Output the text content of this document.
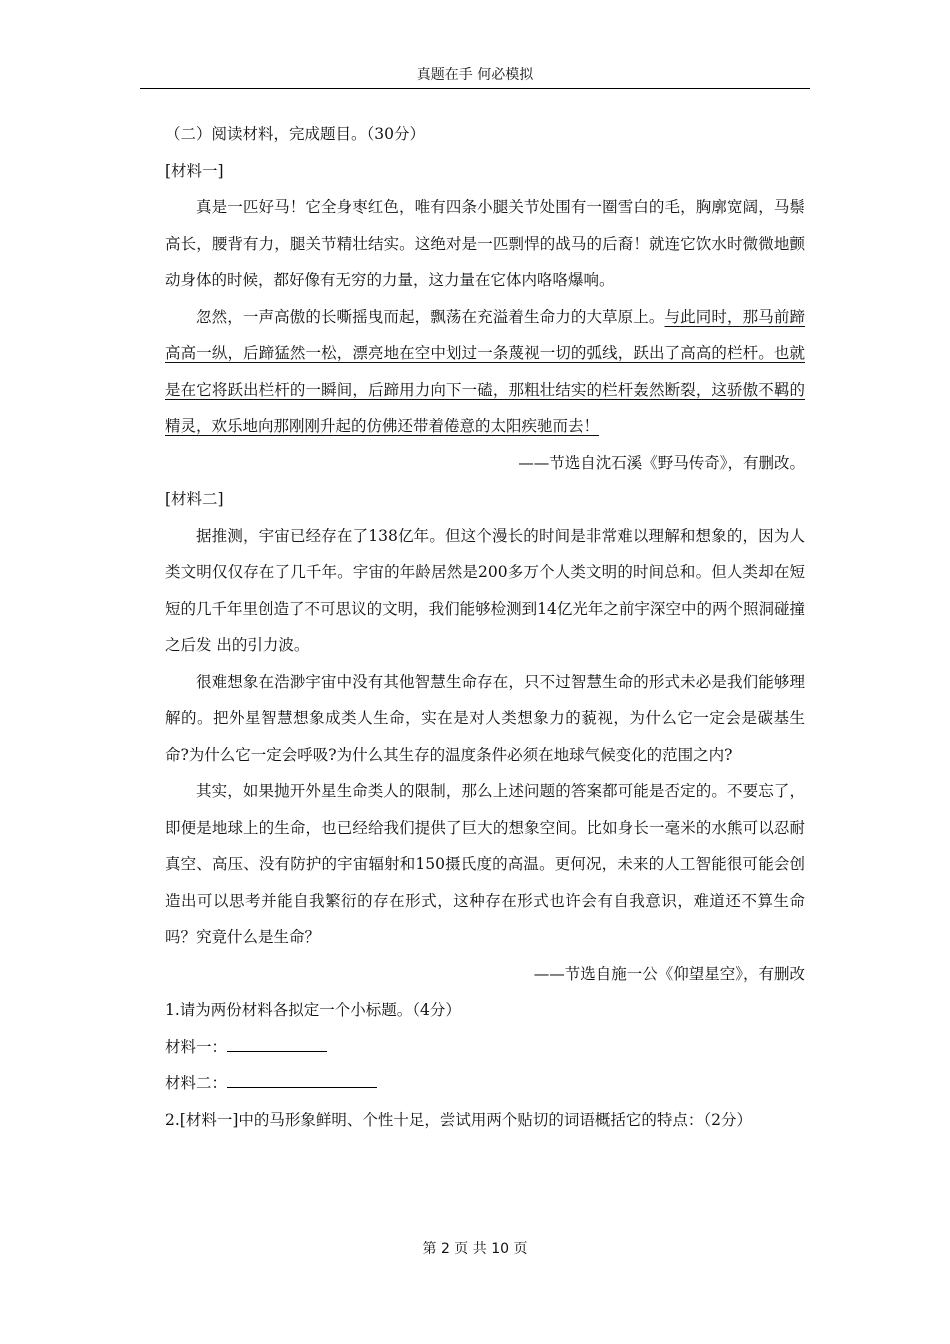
真题在手 何必模拟

（二）阅读材料，完成题目。（30分）

[材料一]

真是一匹好马！它全身枣红色，唯有四条小腿关节处围有一圈雪白的毛，胸廓宽阔，马鬃高长，腰背有力，腿关节精壮结实。这绝对是一匹剽悍的战马的后裔！就连它饮水时微微地颤动身体的时候，都好像有无穷的力量，这力量在它体内咯咯爆响。

忽然，一声高傲的长嘶摇曳而起，飘荡在充溢着生命力的大草原上。与此同时，那马前蹄高高一纵，后蹄猛然一松，漂亮地在空中划过一条蔑视一切的弧线，跃出了高高的栏杆。也就是在它将跃出栏杆的一瞬间，后蹄用力向下一磕，那粗壮结实的栏杆轰然断裂，这骄傲不羁的精灵，欢乐地向那刚刚升起的仿佛还带着倦意的太阳疾驰而去！

——节选自沈石溪《野马传奇》，有删改。

[材料二]

据推测，宇宙已经存在了138亿年。但这个漫长的时间是非常难以理解和想象的，因为人类文明仅仅存在了几千年。宇宙的年龄居然是200多万个人类文明的时间总和。但人类却在短短的几千年里创造了不可思议的文明，我们能够检测到14亿光年之前宇深空中的两个照洞碰撞之后发 出的引力波。

很难想象在浩渺宇宙中没有其他智慧生命存在，只不过智慧生命的形式未必是我们能够理解的。把外星智慧想象成类人生命，实在是对人类想象力的藐视，为什么它一定会是碳基生命?为什么它一定会呼吸?为什么其生存的温度条件必须在地球气候变化的范围之内?

其实，如果抛开外星生命类人的限制，那么上述问题的答案都可能是否定的。不要忘了，即便是地球上的生命，也已经给我们提供了巨大的想象空间。比如身长一毫米的水熊可以忍耐真空、高压、没有防护的宇宙辐射和150摄氏度的高温。更何况，未来的人工智能很可能会创造出可以思考并能自我繁衍的存在形式，这种存在形式也许会有自我意识，难道还不算生命吗？究竟什么是生命？

——节选自施一公《仰望星空》，有删改

1.请为两份材料各拟定一个小标题。（4分）

材料一：

材料二：

2.[材料一]中的马形象鲜明、个性十足，尝试用两个贴切的词语概括它的特点：（2分）

第 2 页 共 10 页
